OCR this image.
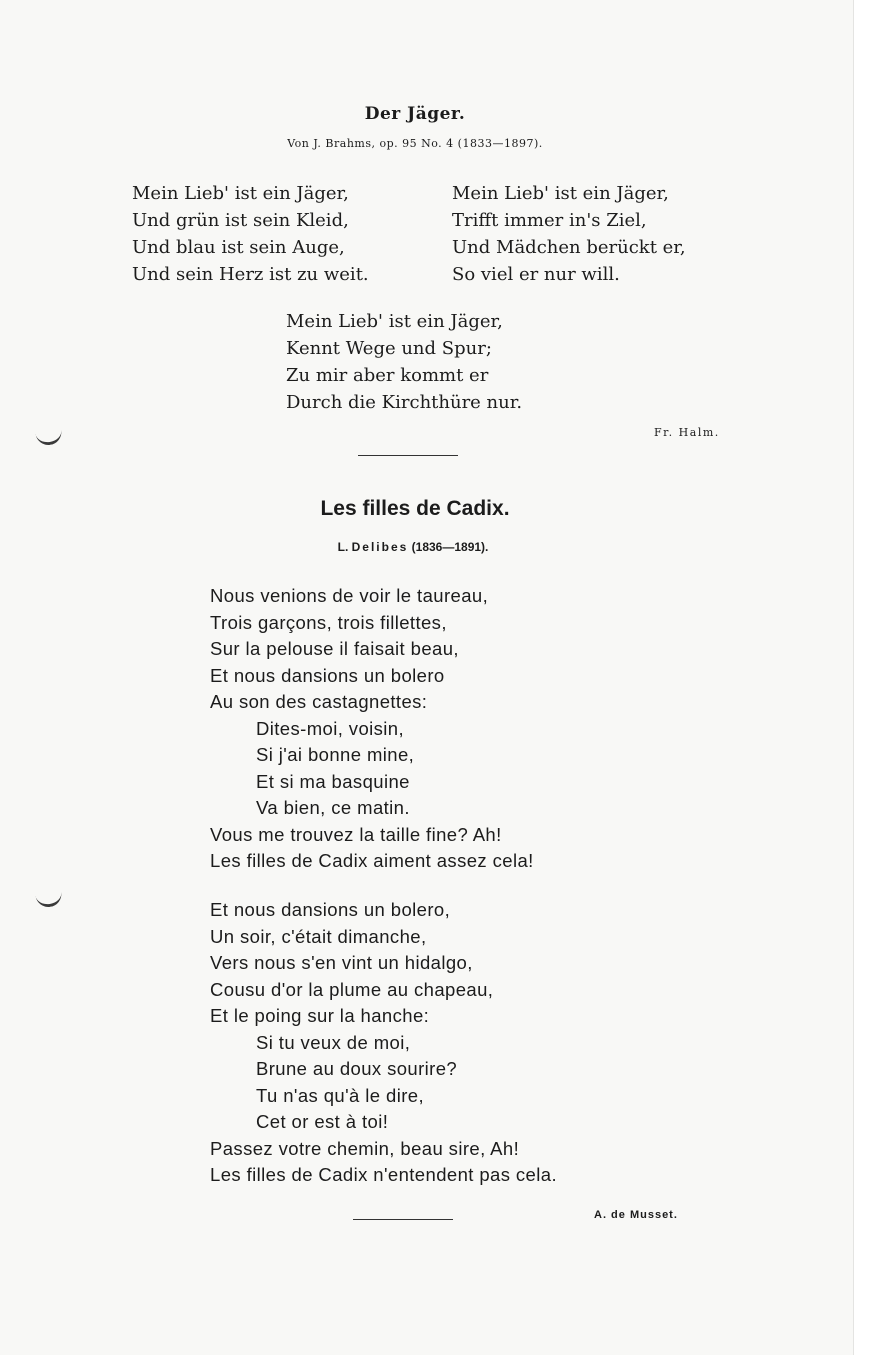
Der Jäger.
Von J. Brahms, op. 95 No. 4 (1833—1897).
Mein Lieb' ist ein Jäger,
Und grün ist sein Kleid,
Und blau ist sein Auge,
Und sein Herz ist zu weit.
Mein Lieb' ist ein Jäger,
Trifft immer in's Ziel,
Und Mädchen berückt er,
So viel er nur will.
Mein Lieb' ist ein Jäger,
Kennt Wege und Spur;
Zu mir aber kommt er
Durch die Kirchthüre nur.
Fr. Halm.
Les filles de Cadix.
L. Delibes (1836—1891).
Nous venions de voir le taureau,
Trois garçons, trois fillettes,
Sur la pelouse il faisait beau,
Et nous dansions un bolero
Au son des castagnettes:
Dites-moi, voisin,
Si j'ai bonne mine,
Et si ma basquine
Va bien, ce matin.
Vous me trouvez la taille fine? Ah!
Les filles de Cadix aiment assez cela!
Et nous dansions un bolero,
Un soir, c'était dimanche,
Vers nous s'en vint un hidalgo,
Cousu d'or la plume au chapeau,
Et le poing sur la hanche:
Si tu veux de moi,
Brune au doux sourire?
Tu n'as qu'à le dire,
Cet or est à toi!
Passez votre chemin, beau sire, Ah!
Les filles de Cadix n'entendent pas cela.
A. de Musset.
